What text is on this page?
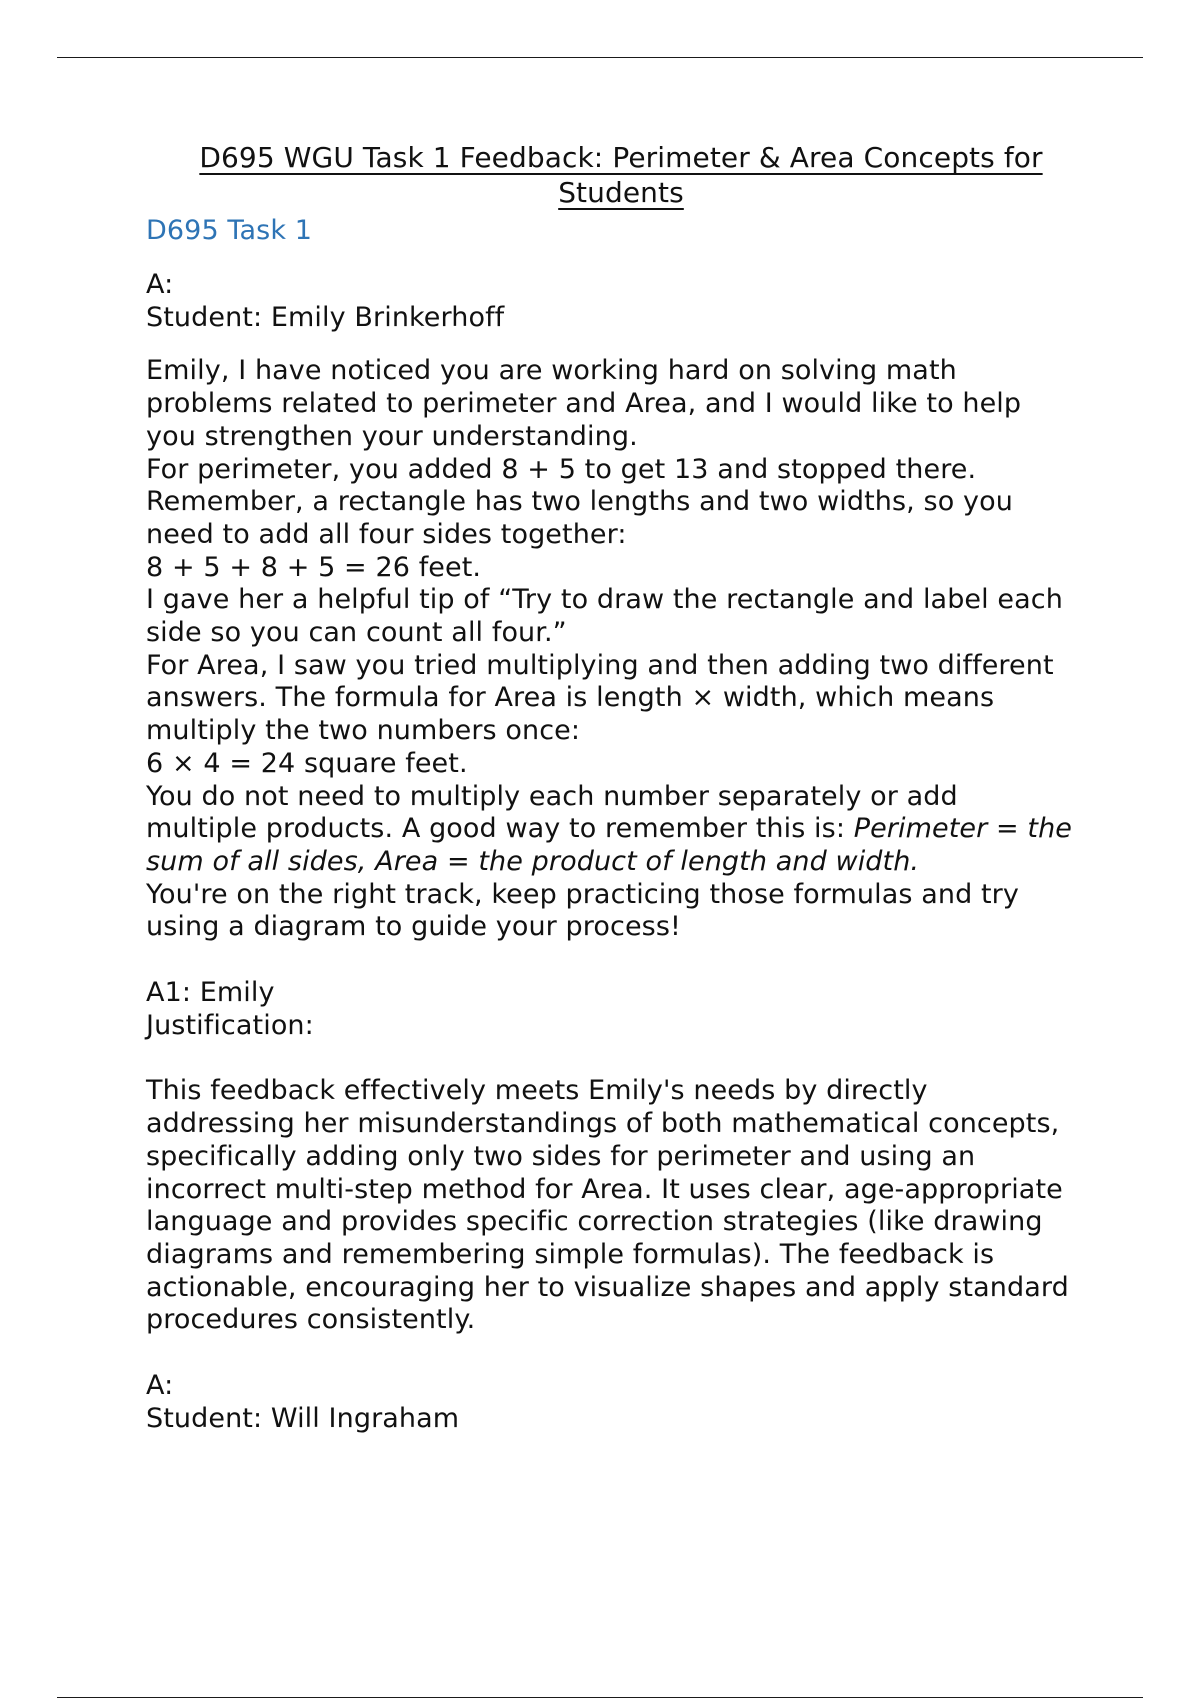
D695 WGU Task 1 Feedback: Perimeter & Area Concepts for Students
D695 Task 1

A:

Student: Emily Brinkerhoff

Emily, I have noticed you are working hard on solving math problems related to perimeter and Area, and I would like to help you strengthen your understanding.

For perimeter, you added 8 + 5 to get 13 and stopped there. Remember, a rectangle has two lengths and two widths, so you need to add all four sides together:

8 + 5 + 8 + 5 = 26 feet.

I gave her a helpful tip of “Try to draw the rectangle and label each side so you can count all four.”

For Area, I saw you tried multiplying and then adding two different answers. The formula for Area is length × width, which means multiply the two numbers once:

6 × 4 = 24 square feet.

You do not need to multiply each number separately or add multiple products. A good way to remember this is: Perimeter = the sum of all sides, Area = the product of length and width.

You're on the right track, keep practicing those formulas and try using a diagram to guide your process!

A1: Emily

Justification:

This feedback effectively meets Emily's needs by directly addressing her misunderstandings of both mathematical concepts, specifically adding only two sides for perimeter and using an incorrect multi-step method for Area. It uses clear, age-appropriate language and provides specific correction strategies (like drawing diagrams and remembering simple formulas). The feedback is actionable, encouraging her to visualize shapes and apply standard procedures consistently.

A:

Student: Will Ingraham
